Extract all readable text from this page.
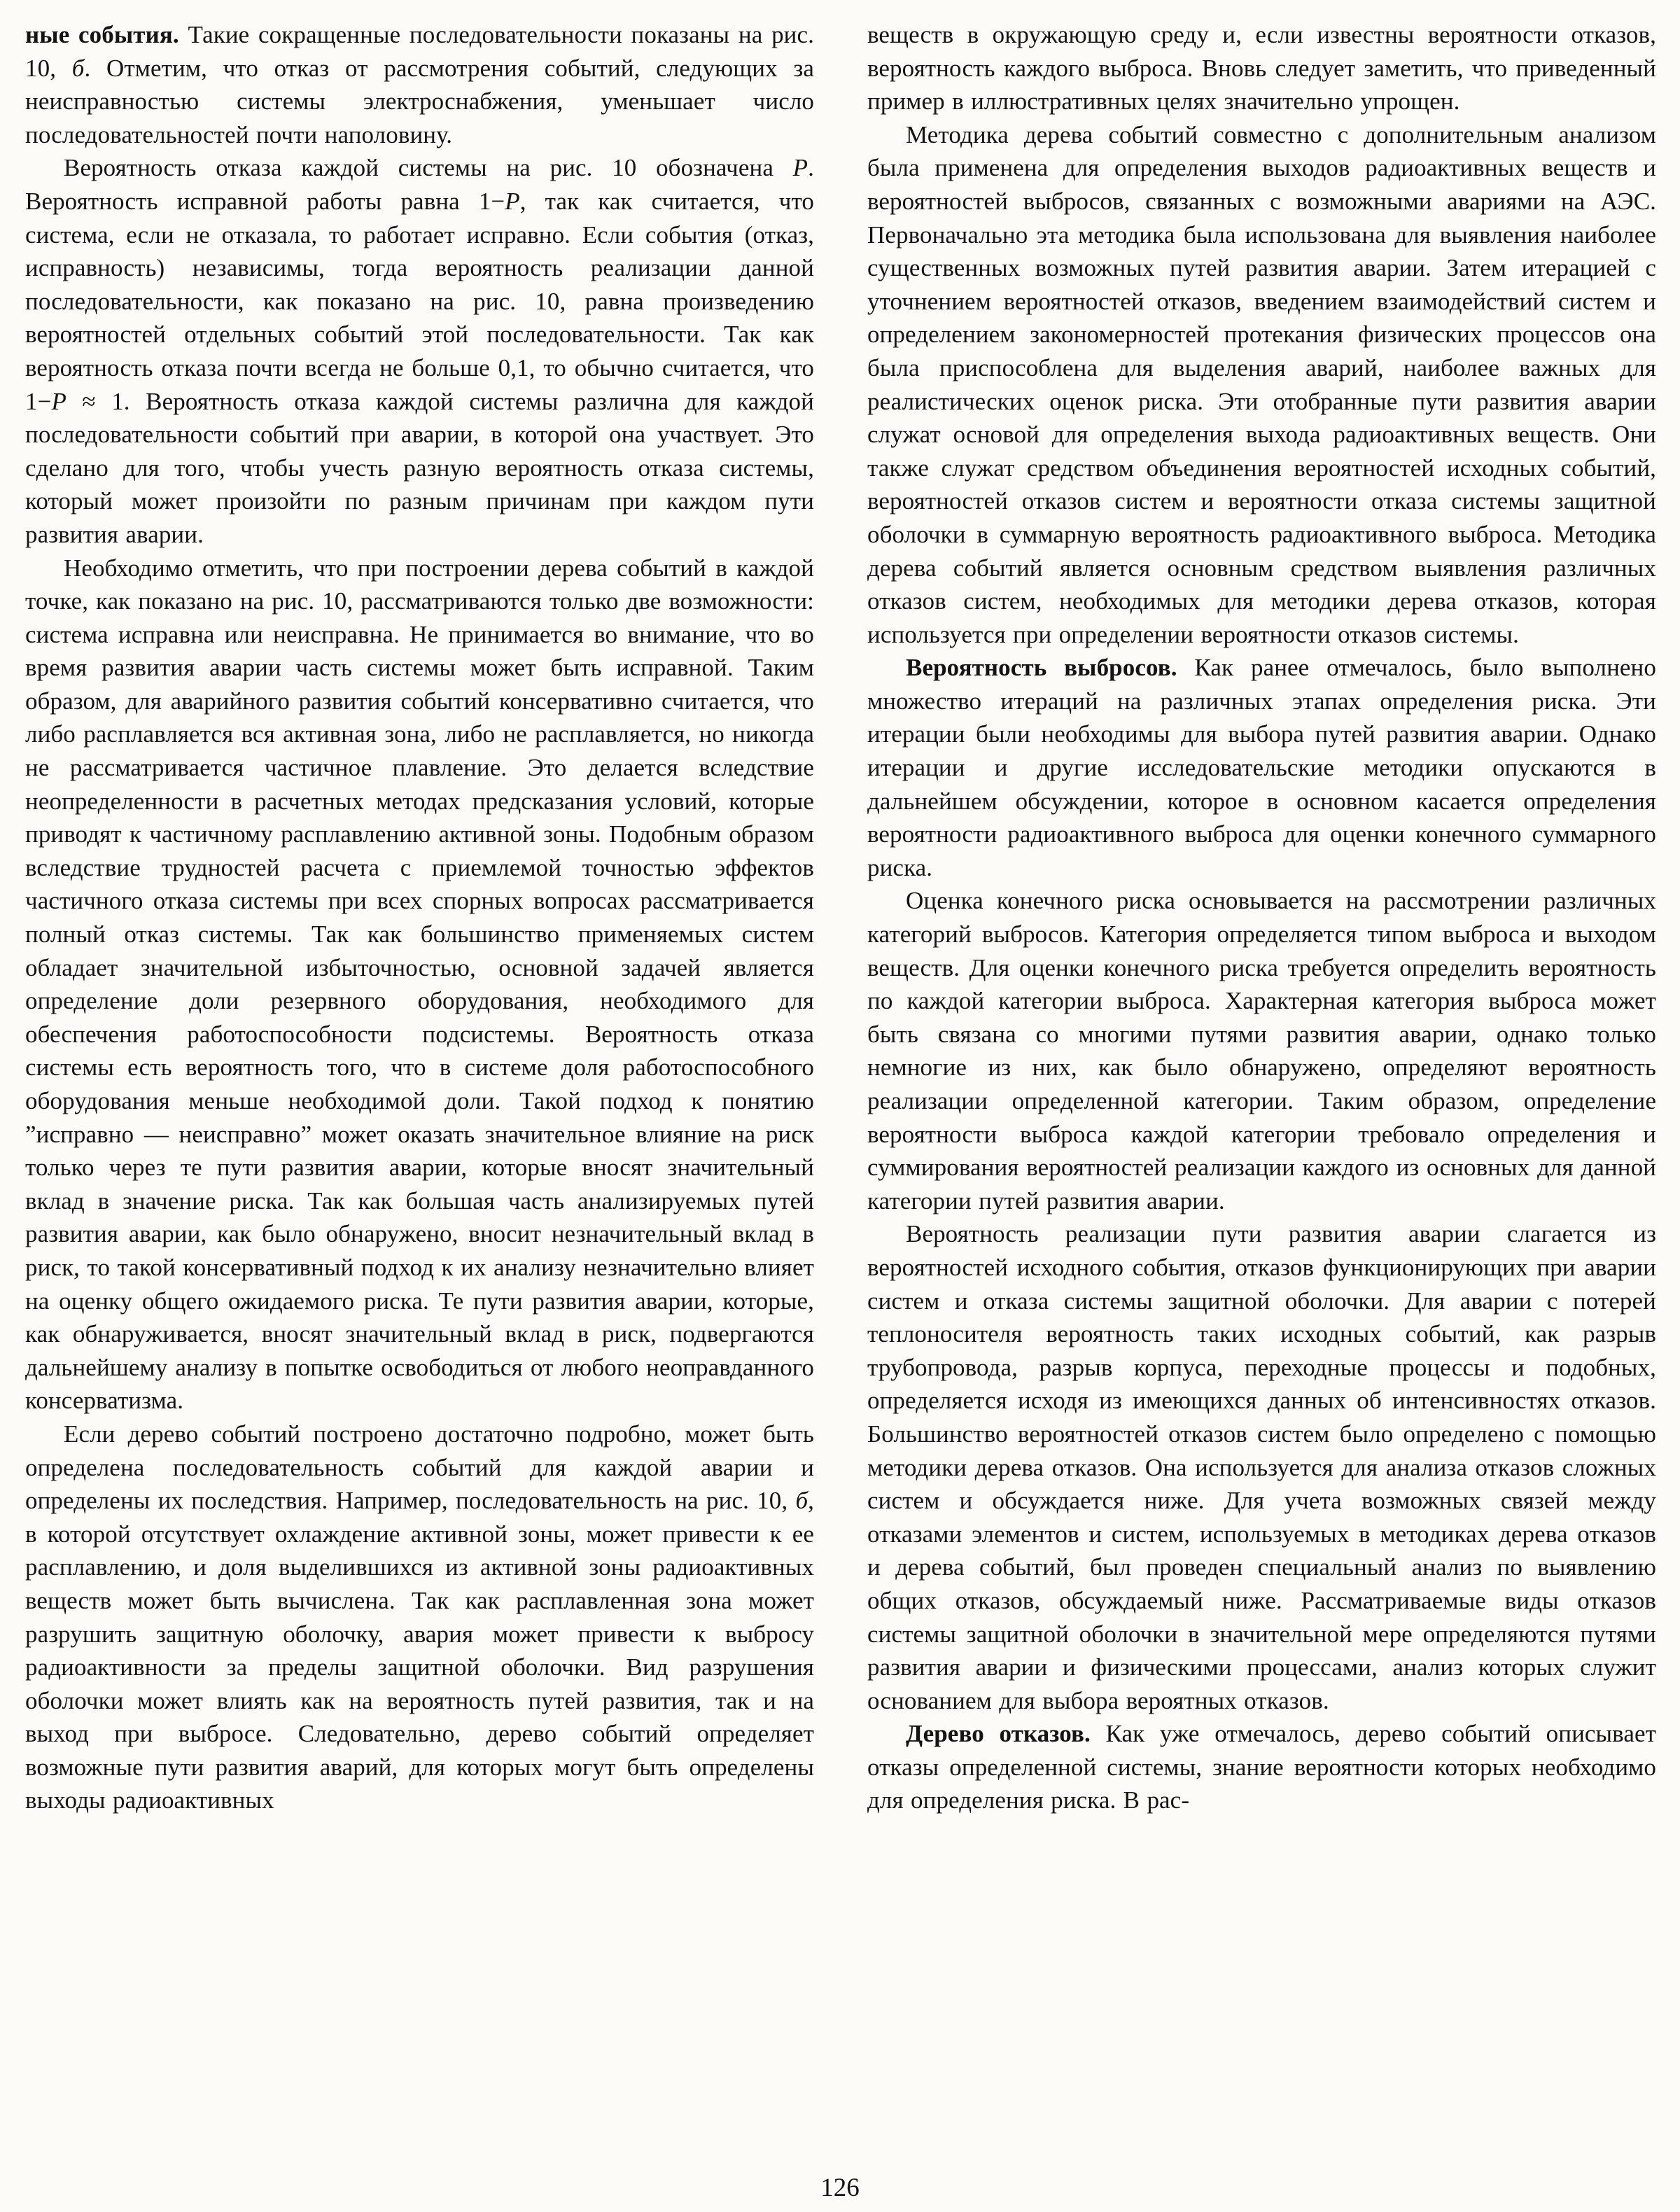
ные события. Такие сокращенные последовательности показаны на рис. 10, б. Отметим, что отказ от рассмотрения событий, следующих за неисправностью системы электроснабжения, уменьшает число последовательностей почти наполовину.

Вероятность отказа каждой системы на рис. 10 обозначена Р. Вероятность исправной работы равна 1−Р, так как считается, что система, если не отказала, то работает исправно. Если события (отказ, исправность) независимы, тогда вероятность реализации данной последовательности, как показано на рис. 10, равна произведению вероятностей отдельных событий этой последовательности. Так как вероятность отказа почти всегда не больше 0,1, то обычно считается, что 1−Р ≈ 1. Вероятность отказа каждой системы различна для каждой последовательности событий при аварии, в которой она участвует. Это сделано для того, чтобы учесть разную вероятность отказа системы, который может произойти по разным причинам при каждом пути развития аварии.

Необходимо отметить, что при построении дерева событий в каждой точке, как показано на рис. 10, рассматриваются только две возможности: система исправна или неисправна. Не принимается во внимание, что во время развития аварии часть системы может быть исправной. Таким образом, для аварийного развития событий консервативно считается, что либо расплавляется вся активная зона, либо не расплавляется, но никогда не рассматривается частичное плавление. Это делается вследствие неопределенности в расчетных методах предсказания условий, которые приводят к частичному расплавлению активной зоны. Подобным образом вследствие трудностей расчета с приемлемой точностью эффектов частичного отказа системы при всех спорных вопросах рассматривается полный отказ системы. Так как большинство применяемых систем обладает значительной избыточностью, основной задачей является определение доли резервного оборудования, необходимого для обеспечения работоспособности подсистемы. Вероятность отказа системы есть вероятность того, что в системе доля работоспособного оборудования меньше необходимой доли. Такой подход к понятию ”исправно — неисправно” может оказать значительное влияние на риск только через те пути развития аварии, которые вносят значительный вклад в значение риска. Так как большая часть анализируемых путей развития аварии, как было обнаружено, вносит незначительный вклад в риск, то такой консервативный подход к их анализу незначительно влияет на оценку общего ожидаемого риска. Те пути развития аварии, которые, как обнаруживается, вносят значительный вклад в риск, подвергаются дальнейшему анализу в попытке освободиться от любого неоправданного консерватизма.

Если дерево событий построено достаточно подробно, может быть определена последовательность событий для каждой аварии и определены их последствия. Например, последовательность на рис. 10, б, в которой отсутствует охлаждение активной зоны, может привести к ее расплавлению, и доля выделившихся из активной зоны радиоактивных веществ может быть вычислена. Так как расплавленная зона может разрушить защитную оболочку, авария может привести к выбросу радиоактивности за пределы защитной оболочки. Вид разрушения оболочки может влиять как на вероятность путей развития, так и на выход при выбросе. Следовательно, дерево событий определяет возможные пути развития аварий, для которых могут быть определены выходы радиоактивных

веществ в окружающую среду и, если известны вероятности отказов, вероятность каждого выброса. Вновь следует заметить, что приведенный пример в иллюстративных целях значительно упрощен.

Методика дерева событий совместно с дополнительным анализом была применена для определения выходов радиоактивных веществ и вероятностей выбросов, связанных с возможными авариями на АЭС. Первоначально эта методика была использована для выявления наиболее существенных возможных путей развития аварии. Затем итерацией с уточнением вероятностей отказов, введением взаимодействий систем и определением закономерностей протекания физических процессов она была приспособлена для выделения аварий, наиболее важных для реалистических оценок риска. Эти отобранные пути развития аварии служат основой для определения выхода радиоактивных веществ. Они также служат средством объединения вероятностей исходных событий, вероятностей отказов систем и вероятности отказа системы защитной оболочки в суммарную вероятность радиоактивного выброса. Методика дерева событий является основным средством выявления различных отказов систем, необходимых для методики дерева отказов, которая используется при определении вероятности отказов системы.

Вероятность выбросов. Как ранее отмечалось, было выполнено множество итераций на различных этапах определения риска. Эти итерации были необходимы для выбора путей развития аварии. Однако итерации и другие исследовательские методики опускаются в дальнейшем обсуждении, которое в основном касается определения вероятности радиоактивного выброса для оценки конечного суммарного риска.

Оценка конечного риска основывается на рассмотрении различных категорий выбросов. Категория определяется типом выброса и выходом веществ. Для оценки конечного риска требуется определить вероятность по каждой категории выброса. Характерная категория выброса может быть связана со многими путями развития аварии, однако только немногие из них, как было обнаружено, определяют вероятность реализации определенной категории. Таким образом, определение вероятности выброса каждой категории требовало определения и суммирования вероятностей реализации каждого из основных для данной категории путей развития аварии.

Вероятность реализации пути развития аварии слагается из вероятностей исходного события, отказов функционирующих при аварии систем и отказа системы защитной оболочки. Для аварии с потерей теплоносителя вероятность таких исходных событий, как разрыв трубопровода, разрыв корпуса, переходные процессы и подобных, определяется исходя из имеющихся данных об интенсивностях отказов. Большинство вероятностей отказов систем было определено с помощью методики дерева отказов. Она используется для анализа отказов сложных систем и обсуждается ниже. Для учета возможных связей между отказами элементов и систем, используемых в методиках дерева отказов и дерева событий, был проведен специальный анализ по выявлению общих отказов, обсуждаемый ниже. Рассматриваемые виды отказов системы защитной оболочки в значительной мере определяются путями развития аварии и физическими процессами, анализ которых служит основанием для выбора вероятных отказов.

Дерево отказов. Как уже отмечалось, дерево событий описывает отказы определенной системы, знание вероятности которых необходимо для определения риска. В рас-

126
